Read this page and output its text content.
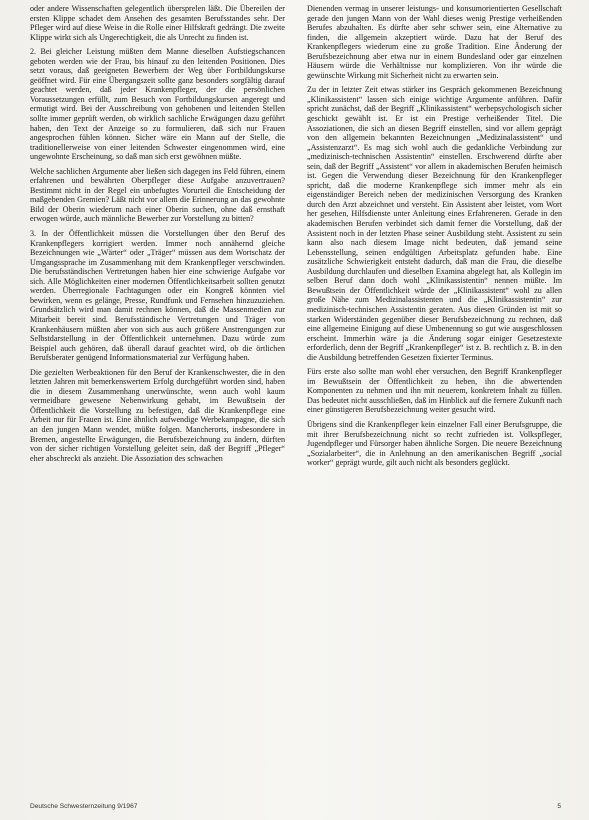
oder andere Wissenschaften gelegentlich übersprelen läßt. Die Übereilen der ersten Klippe schadet dem Ansehen des gesamten Berufsstandes sehr. Der Pfleger wird auf diese Weise in die Rolle einer Hilfskraft gedrängt. Die zweite Klippe wirkt sich als Ungerechtigkeit, die als Unrecht zu finden ist.

2. Bei gleicher Leistung müßten dem Manne dieselben Aufstiegschancen geboten werden wie der Frau, bis hinauf zu den leitenden Positionen. Dies setzt voraus, daß geeigneten Bewerbern der Weg über Fortbildungskurse geöffnet wird. Für eine Übergangszeit sollte ganz besonders sorgfältig darauf geachtet werden, daß jeder Krankenpfleger, der die persönlichen Voraussetzungen erfüllt, zum Besuch von Fortbildungskursen angeregt und ermutigt wird. Bei der Ausschreibung von gehobenen und leitenden Stellen sollte immer geprüft werden, ob wirklich sachliche Erwägungen dazu geführt haben, den Text der Anzeige so zu formulieren, daß sich nur Frauen angesprochen fühlen können. Sicher wäre ein Mann auf der Stelle, die traditionellerweise von einer leitenden Schwester eingenommen wird, eine ungewohnte Erscheinung, so daß man sich erst gewöhnen müßte.

Welche sachlichen Argumente aber ließen sich dagegen ins Feld führen, einem erfahrenen und bewährten Oberpfleger diese Aufgabe anzuvertrauen? Bestimmt nicht in der Regel ein unbefugtes Vorurteil die Entscheidung der maßgebenden Gremien? Läßt nicht vor allem die Erinnerung an das gewohnte Bild der Oberin wiederum nach einer Oberin suchen, ohne daß ernsthaft erwogen würde, auch männliche Bewerber zur Vorstellung zu bitten?

3. In der Öffentlichkeit müssen die Vorstellungen über den Beruf des Krankenpflegers korrigiert werden. Immer noch annähernd gleiche Bezeichnungen wie „Wärter“ oder „Träger“ müssen aus dem Wortschatz der Umgangssprache im Zusammenhang mit dem Krankenpfleger verschwinden. Die berufsständischen Vertretungen haben hier eine schwierige Aufgabe vor sich. Alle Möglichkeiten einer modernen Öffentlichkeitsarbeit sollten genutzt werden. Überregionale Fachtagungen oder ein Kongreß könnten viel bewirken, wenn es gelänge, Presse, Rundfunk und Fernsehen hinzuzuziehen. Grundsätzlich wird man damit rechnen können, daß die Massenmedien zur Mitarbeit bereit sind. Berufsständische Vertretungen und Träger von Krankenhäusern müßten aber von sich aus auch größere Anstrengungen zur Selbstdarstellung in der Öffentlichkeit unternehmen. Dazu würde zum Beispiel auch gehören, daß überall darauf geachtet wird, ob die örtlichen Berufsberater genügend Informationsmaterial zur Verfügung haben.

Die gezielten Werbeaktionen für den Beruf der Krankenschwester, die in den letzten Jahren mit bemerkenswertem Erfolg durchgeführt worden sind, haben die in diesem Zusammenhang unerwünschte, wenn auch wohl kaum vermeidbare gewesene Nebenwirkung gehabt, im Bewußtsein der Öffentlichkeit die Vorstellung zu befestigen, daß die Krankenpflege eine Arbeit nur für Frauen ist. Eine ähnlich aufwendige Werbekampagne, die sich an den jungen Mann wendet, müßte folgen. Mancherorts, insbesondere in Bremen, angestellte Erwägungen, die Berufsbezeichnung zu ändern, dürften von der sicher richtigen Vorstellung geleitet sein, daß der Begriff „Pfleger“ eher abschreckt als anzieht. Die Assoziation des schwachen

Dienenden vermag in unserer leistungs- und konsumorientierten Gesellschaft gerade den jungen Mann von der Wahl dieses wenig Prestige verheißenden Berufes abzuhalten. Es dürfte aber sehr schwer sein, eine Alternative zu finden, die allgemein akzeptiert würde. Dazu hat der Beruf des Krankenpflegers wiederum eine zu große Tradition. Eine Änderung der Berufsbezeichnung aber etwa nur in einem Bundesland oder gar einzelnen Häusern würde die Verhältnisse nur komplizieren. Von ihr würde die gewünschte Wirkung mit Sicherheit nicht zu erwarten sein.

Zu der in letzter Zeit etwas stärker ins Gespräch gekommenen Bezeichnung „Klinikassistent“ lassen sich einige wichtige Argumente anführen. Dafür spricht zunächst, daß der Begriff „Klinikassistent“ werbepsychologisch sicher geschickt gewählt ist. Er ist ein Prestige verheißender Titel. Die Assoziationen, die sich an diesen Begriff einstellen, sind vor allem geprägt von den allgemein bekannten Bezeichnungen „Medizinalassistent“ und „Assistenzarzt“. Es mag sich wohl auch die gedankliche Verbindung zur „medizinisch-technischen Assistentin“ einstellen. Erschwerend dürfte aber sein, daß der Begriff „Assistent“ vor allem in akademischen Berufen heimisch ist. Gegen die Verwendung dieser Bezeichnung für den Krankenpfleger spricht, daß die moderne Krankenpflege sich immer mehr als ein eigenständiger Bereich neben der medizinischen Versorgung des Kranken durch den Arzt abzeichnet und versteht. Ein Assistent aber leistet, vom Wort her gesehen, Hilfsdienste unter Anleitung eines Erfahreneren. Gerade in den akademischen Berufen verbindet sich damit ferner die Vorstellung, daß der Assistent noch in der letzten Phase seiner Ausbildung steht. Assistent zu sein kann also nach diesem Image nicht bedeuten, daß jemand seine Lebensstellung, seinen endgültigen Arbeitsplatz gefunden habe. Eine zusätzliche Schwierigkeit entsteht dadurch, daß man die Frau, die dieselbe Ausbildung durchlaufen und dieselben Examina abgelegt hat, als Kollegin im selben Beruf dann doch wohl „Klinikassistentin“ nennen müßte. Im Bewußtsein der Öffentlichkeit würde der „Klinikassistent“ wohl zu allen große Nähe zum Medizinalassistenten und die „Klinikassistentin“ zur medizinisch-technischen Assistentin geraten. Aus diesen Gründen ist mit so starken Widerständen gegenüber dieser Berufsbezeichnung zu rechnen, daß eine allgemeine Einigung auf diese Umbenennung so gut wie ausgeschlossen erscheint. Immerhin wäre ja die Änderung sogar einiger Gesetzestexte erforderlich, denn der Begriff „Krankenpfleger“ ist z. B. rechtlich z. B. in den die Ausbildung betreffenden Gesetzen fixierter Terminus.

Fürs erste also sollte man wohl eher versuchen, den Begriff Krankenpfleger im Bewußtsein der Öffentlichkeit zu heben, ihn die abwertenden Komponenten zu nehmen und ihn mit neuerem, konkretem Inhalt zu füllen. Das bedeutet nicht ausschließen, daß im Hinblick auf die fernere Zukunft nach einer günstigeren Berufsbezeichnung weiter gesucht wird.

Übrigens sind die Krankenpfleger kein einzelner Fall einer Berufsgruppe, die mit ihrer Berufsbezeichnung nicht so recht zufrieden ist. Volkspfleger, Jugendpfleger und Fürsorger haben ähnliche Sorgen. Die neuere Bezeichnung „Sozialarbeiter“, die in Anlehnung an den amerikanischen Begriff „social worker“ geprägt wurde, gilt auch nicht als besonders geglückt.

Deutsche Schwesternzeitung 9/1967	5
